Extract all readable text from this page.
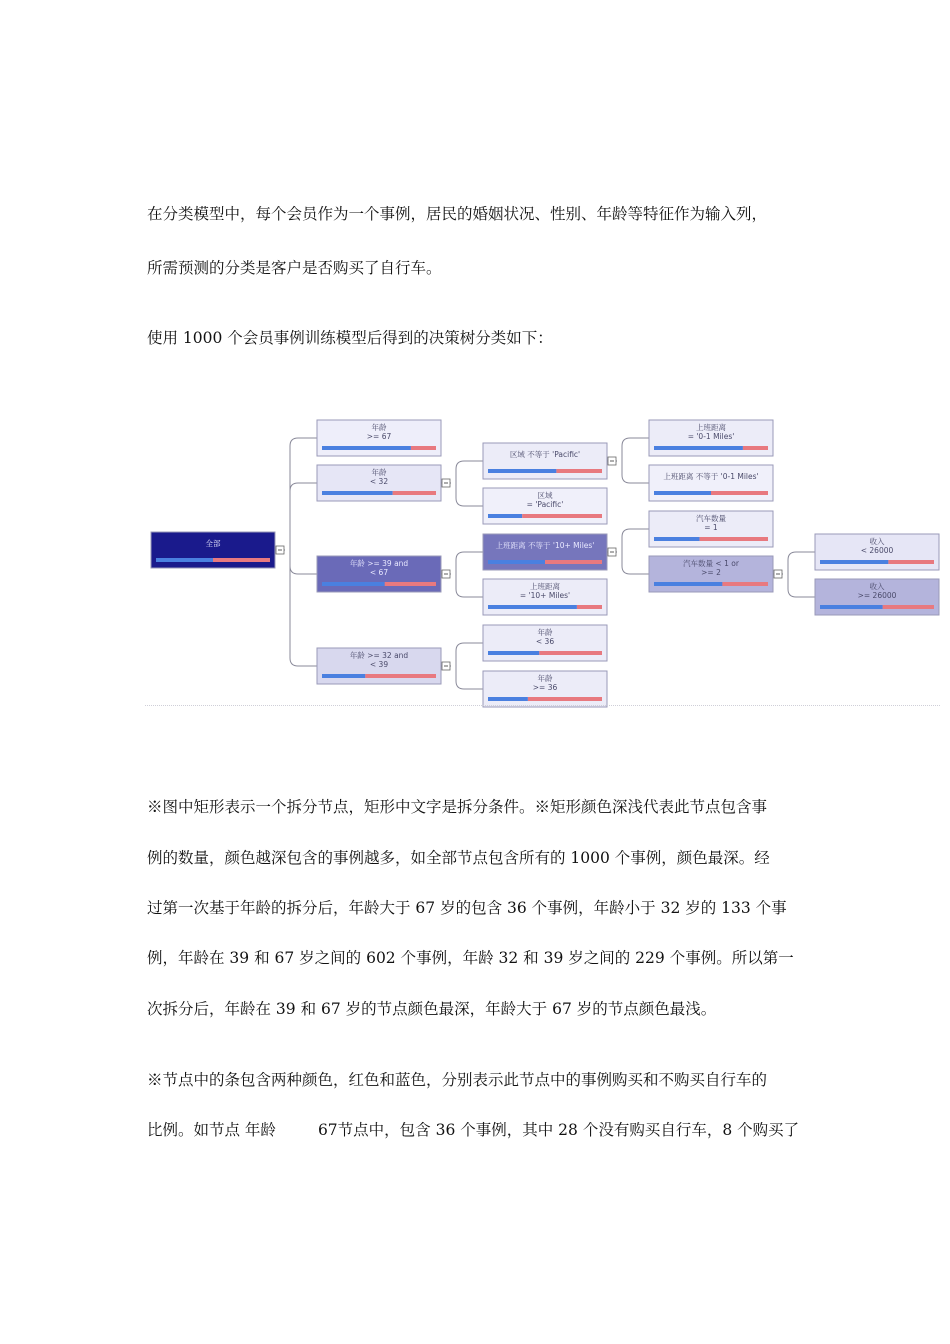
在分类模型中，每个会员作为一个事例，居民的婚姻状况、性别、年龄等特征作为输入列，

所需预测的分类是客户是否购买了自行车。

使用 1000 个会员事例训练模型后得到的决策树分类如下：

全部
年龄
>= 67
年龄
< 32
年龄 >= 39 and
< 67
年龄 >= 32 and
< 39
区域 不等于 'Pacific'
区域
= 'Pacific'
上班距离 不等于 '10+ Miles'
上班距离
= '10+ Miles'
年龄
< 36
年龄
>= 36
上班距离
= '0-1 Miles'
上班距离 不等于 '0-1 Miles'
汽车数量
= 1
汽车数量 < 1 or
>= 2
收入
< 26000
收入
>= 26000

※图中矩形表示一个拆分节点，矩形中文字是拆分条件。※矩形颜色深浅代表此节点包含事

例的数量，颜色越深包含的事例越多，如全部节点包含所有的 1000 个事例，颜色最深。经

过第一次基于年龄的拆分后，年龄大于 67 岁的包含 36 个事例，年龄小于 32 岁的 133 个事

例，年龄在 39 和 67 岁之间的 602 个事例，年龄 32 和 39 岁之间的 229 个事例。所以第一

次拆分后，年龄在 39 和 67 岁的节点颜色最深，年龄大于 67 岁的节点颜色最浅。

※节点中的条包含两种颜色，红色和蓝色，分别表示此节点中的事例购买和不购买自行车的

比例。如节点 年龄	67节点中，包含 36 个事例，其中 28 个没有购买自行车，8 个购买了
